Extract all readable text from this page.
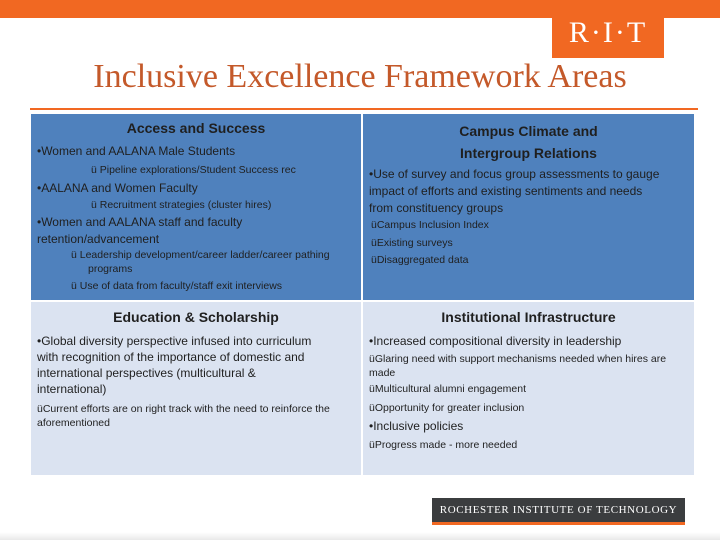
R·I·T
Inclusive Excellence Framework Areas
Access and Success
•Women and AALANA Male Students
ü Pipeline explorations/Student Success rec
•AALANA and Women Faculty
ü Recruitment strategies (cluster hires)
•Women and AALANA staff and faculty
retention/advancement
ü Leadership development/career ladder/career pathing
programs
ü Use of data from faculty/staff exit interviews
Campus Climate and
Intergroup Relations
•Use of survey and focus group assessments to gauge
impact of efforts and existing sentiments and needs
from constituency groups
üCampus Inclusion Index
üExisting surveys
üDisaggregated data
Education & Scholarship
•Global diversity perspective infused into curriculum
with recognition of the importance of domestic and
international perspectives (multicultural &
international)
üCurrent efforts are on right track with the need to reinforce the
aforementioned
Institutional Infrastructure
•Increased compositional diversity in leadership
üGlaring need with support mechanisms needed when hires are
made
üMulticultural alumni engagement
üOpportunity for greater inclusion
•Inclusive policies
üProgress made - more needed
ROCHESTER INSTITUTE OF TECHNOLOGY
